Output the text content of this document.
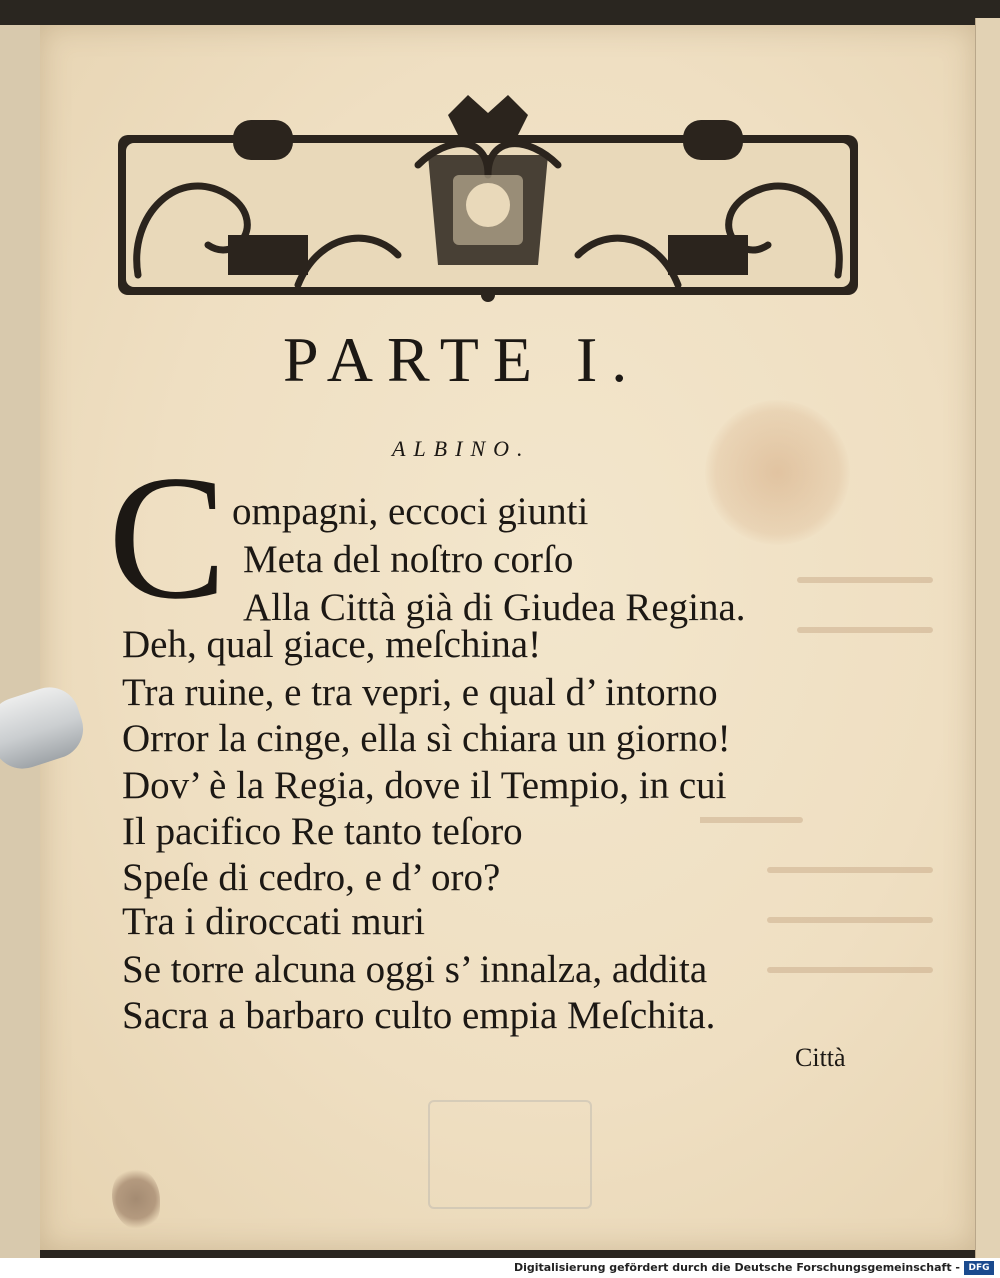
PARTE I.
ALBINO.
C ompagni, eccoci giunti
Meta del noſtro corſo
Alla Città già di Giudea Regina.
Deh, qual giace, meſchina!
Tra ruine, e tra vepri, e qual d’ intorno
Orror la cinge, ella sì chiara un giorno!
Dov’ è la Regia, dove il Tempio, in cui
Il pacifico Re tanto teſoro
Speſe di cedro, e d’ oro?
Tra i diroccati muri
Se torre alcuna oggi s’ innalza, addita
Sacra a barbaro culto empia Meſchita.
Città
Digitalisierung gefördert durch die Deutsche Forschungsgemeinschaft - DFG
